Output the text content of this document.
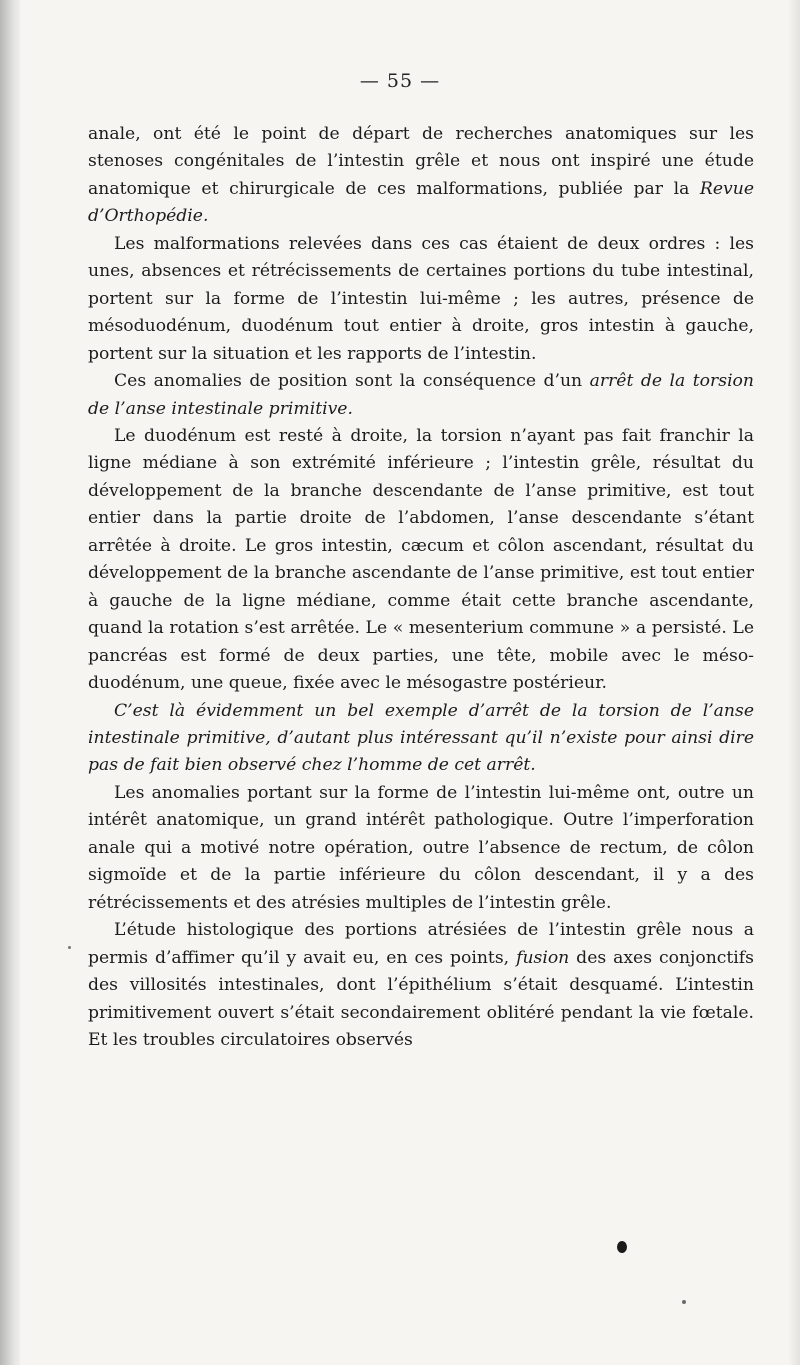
— 55 —

anale, ont été le point de départ de recherches anatomiques sur les stenoses congénitales de l’intestin grêle et nous ont inspiré une étude anatomique et chirurgicale de ces malformations, publiée par la Revue d’Orthopédie.

Les malformations relevées dans ces cas étaient de deux ordres : les unes, absences et rétrécissements de certaines portions du tube intestinal, portent sur la forme de l’intestin lui-même ; les autres, présence de mésoduodénum, duodénum tout entier à droite, gros intestin à gauche, portent sur la situation et les rapports de l’intestin.

Ces anomalies de position sont la conséquence d’un arrêt de la torsion de l’anse intestinale primitive.

Le duodénum est resté à droite, la torsion n’ayant pas fait franchir la ligne médiane à son extrémité inférieure ; l’intestin grêle, résultat du développement de la branche descendante de l’anse primitive, est tout entier dans la partie droite de l’abdomen, l’anse descendante s’étant arrêtée à droite. Le gros intestin, cæcum et côlon ascendant, résultat du développement de la branche ascendante de l’anse primitive, est tout entier à gauche de la ligne médiane, comme était cette branche ascendante, quand la rotation s’est arrêtée. Le « mesenterium commune » a persisté. Le pancréas est formé de deux parties, une tête, mobile avec le méso-duodénum, une queue, fixée avec le mésogastre postérieur.

C’est là évidemment un bel exemple d’arrêt de la torsion de l’anse intestinale primitive, d’autant plus intéressant qu’il n’existe pour ainsi dire pas de fait bien observé chez l’homme de cet arrêt.

Les anomalies portant sur la forme de l’intestin lui-même ont, outre un intérêt anatomique, un grand intérêt pathologique. Outre l’imperforation anale qui a motivé notre opération, outre l’absence de rectum, de côlon sigmoïde et de la partie inférieure du côlon descendant, il y a des rétrécissements et des atrésies multiples de l’intestin grêle.

L’étude histologique des portions atrésiées de l’intestin grêle nous a permis d’affimer qu’il y avait eu, en ces points, fusion des axes conjonctifs des villosités intestinales, dont l’épithélium s’était desquamé. L’intestin primitivement ouvert s’était secondairement oblitéré pendant la vie fœtale. Et les troubles circulatoires observés
